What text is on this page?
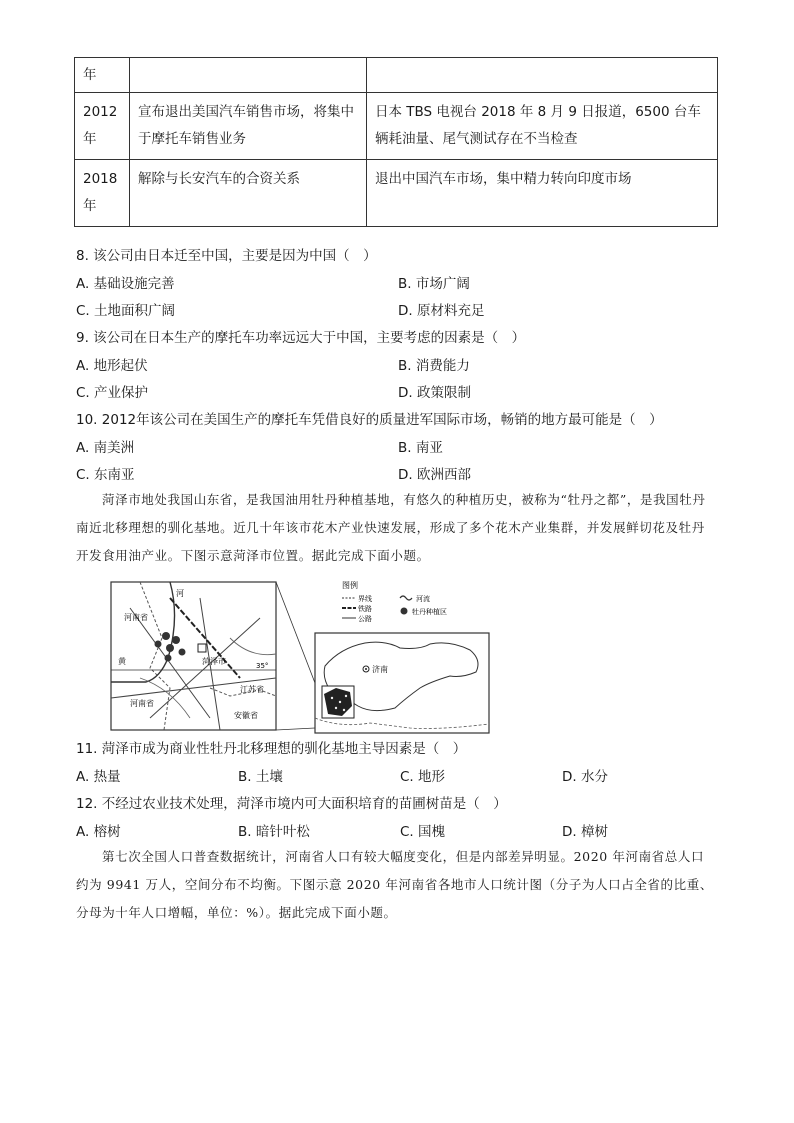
年		
2012年	宣布退出美国汽车销售市场，将集中于摩托车销售业务	日本 TBS 电视台 2018 年 8 月 9 日报道，6500 台车辆耗油量、尾气测试存在不当检查
2018年	解除与长安汽车的合资关系	退出中国汽车市场，集中精力转向印度市场
8. 该公司由日本迁至中国，主要是因为中国（　）
A. 基础设施完善	B. 市场广阔
C. 土地面积广阔	D. 原材料充足
9. 该公司在日本生产的摩托车功率远远大于中国，主要考虑的因素是（　）
A. 地形起伏	B. 消费能力
C. 产业保护	D. 政策限制
10. 2012年该公司在美国生产的摩托车凭借良好的质量进军国际市场，畅销的地方最可能是（　）
A. 南美洲	B. 南亚
C. 东南亚	D. 欧洲西部
菏泽市地处我国山东省，是我国油用牡丹种植基地，有悠久的种植历史，被称为“牡丹之都”，是我国牡丹南近北移理想的驯化基地。近几十年该市花木产业快速发展，形成了多个花木产业集群，并发展鲜切花及牡丹开发食用油产业。下图示意菏泽市位置。据此完成下面小题。
河南省
河南省
菏泽市
江苏省
安徽省
35°
黄
河
图例
界线
铁路
公路
河流
牡丹种植区
济南
11. 菏泽市成为商业性牡丹北移理想的驯化基地主导因素是（　）
A. 热量	B. 土壤	C. 地形	D. 水分
12. 不经过农业技术处理，菏泽市境内可大面积培育的苗圃树苗是（　）
A. 榕树	B. 暗针叶松	C. 国槐	D. 樟树
第七次全国人口普查数据统计，河南省人口有较大幅度变化，但是内部差异明显。2020 年河南省总人口约为 9941 万人，空间分布不均衡。下图示意 2020 年河南省各地市人口统计图（分子为人口占全省的比重、分母为十年人口增幅，单位：%）。据此完成下面小题。
